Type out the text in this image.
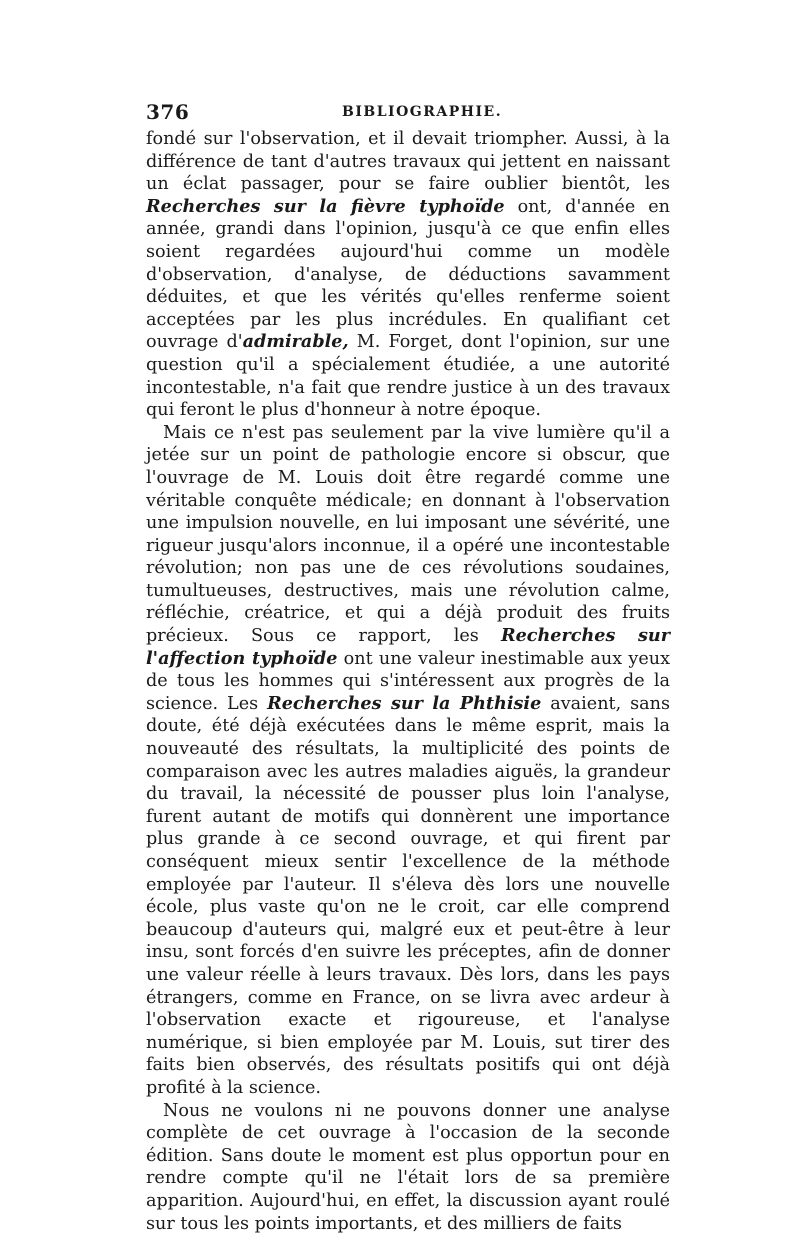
376	BIBLIOGRAPHIE.

fondé sur l'observation, et il devait triompher. Aussi, à la différence de tant d'autres travaux qui jettent en naissant un éclat passager, pour se faire oublier bientôt, les Recherches sur la fièvre typhoïde ont, d'année en année, grandi dans l'opinion, jusqu'à ce que enfin elles soient regardées aujourd'hui comme un modèle d'observation, d'analyse, de déductions savamment déduites, et que les vérités qu'elles renferme soient acceptées par les plus incrédules. En qualifiant cet ouvrage d'admirable, M. Forget, dont l'opinion, sur une question qu'il a spécialement étudiée, a une autorité incontestable, n'a fait que rendre justice à un des travaux qui feront le plus d'honneur à notre époque.

Mais ce n'est pas seulement par la vive lumière qu'il a jetée sur un point de pathologie encore si obscur, que l'ouvrage de M. Louis doit être regardé comme une véritable conquête médicale; en donnant à l'observation une impulsion nouvelle, en lui imposant une sévérité, une rigueur jusqu'alors inconnue, il a opéré une incontestable révolution; non pas une de ces révolutions soudaines, tumultueuses, destructives, mais une révolution calme, réfléchie, créatrice, et qui a déjà produit des fruits précieux. Sous ce rapport, les Recherches sur l'affection typhoïde ont une valeur inestimable aux yeux de tous les hommes qui s'intéressent aux progrès de la science. Les Recherches sur la Phthisie avaient, sans doute, été déjà exécutées dans le même esprit, mais la nouveauté des résultats, la multiplicité des points de comparaison avec les autres maladies aiguës, la grandeur du travail, la nécessité de pousser plus loin l'analyse, furent autant de motifs qui donnèrent une importance plus grande à ce second ouvrage, et qui firent par conséquent mieux sentir l'excellence de la méthode employée par l'auteur. Il s'éleva dès lors une nouvelle école, plus vaste qu'on ne le croit, car elle comprend beaucoup d'auteurs qui, malgré eux et peut-être à leur insu, sont forcés d'en suivre les préceptes, afin de donner une valeur réelle à leurs travaux. Dès lors, dans les pays étrangers, comme en France, on se livra avec ardeur à l'observation exacte et rigoureuse, et l'analyse numérique, si bien employée par M. Louis, sut tirer des faits bien observés, des résultats positifs qui ont déjà profité à la science.

Nous ne voulons ni ne pouvons donner une analyse complète de cet ouvrage à l'occasion de la seconde édition. Sans doute le moment est plus opportun pour en rendre compte qu'il ne l'était lors de sa première apparition. Aujourd'hui, en effet, la discussion ayant roulé sur tous les points importants, et des milliers de faits
